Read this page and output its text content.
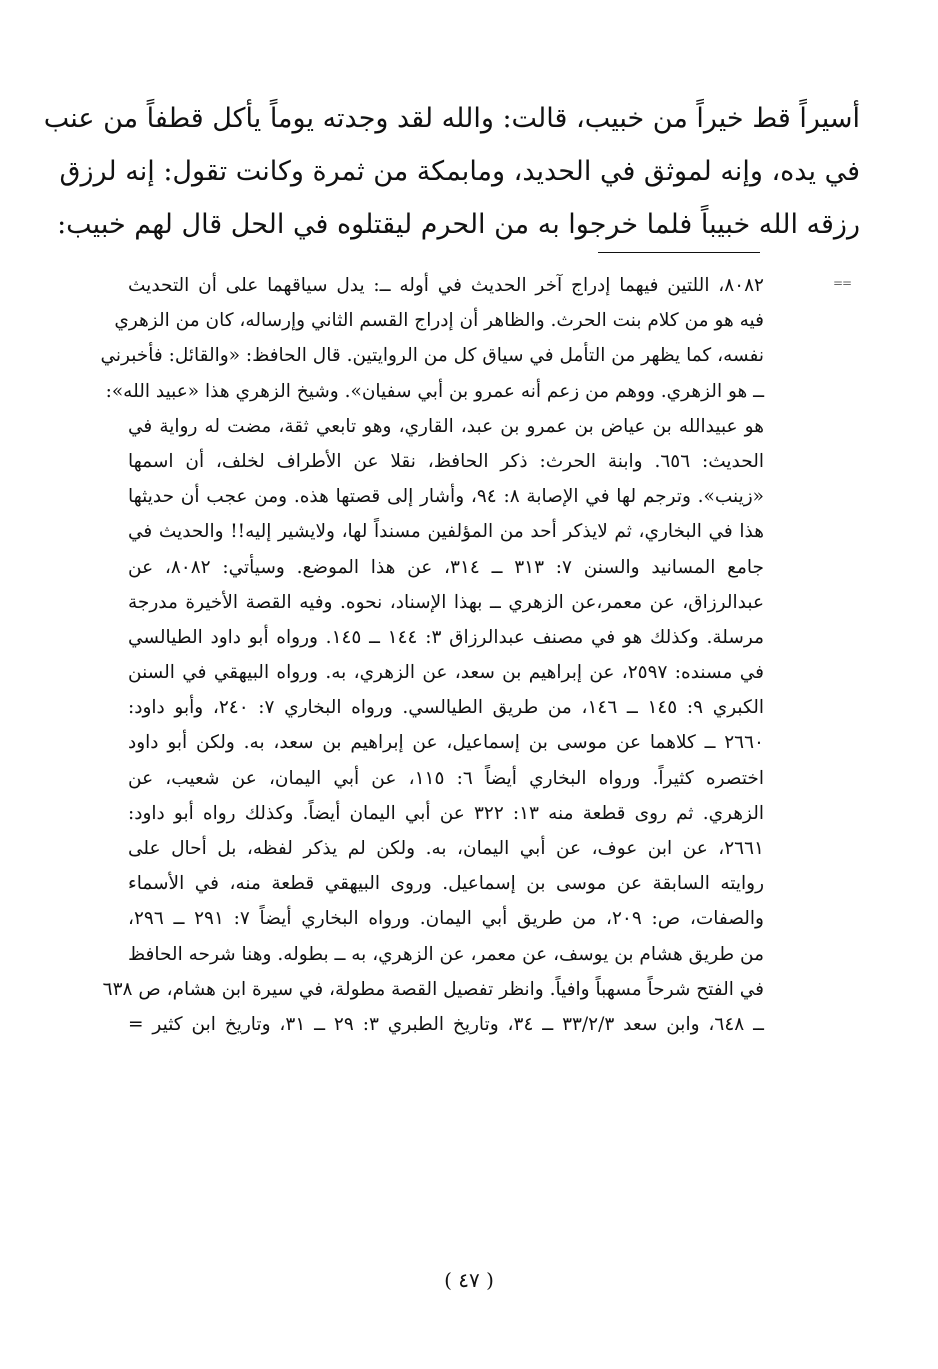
أسيراً قط خيراً من خبيب، قالت: والله لقد وجدته يوماً يأكل قطفاً من عنب
في يده، وإنه لموثق في الحديد، ومابمكة من ثمرة وكانت تقول: إنه لرزق
رزقه الله خبيباً فلما خرجوا به من الحرم ليقتلوه في الحل قال لهم خبيب:
==
٨٠٨٢، اللتين فيهما إدراج آخر الحديث في أوله ــ: يدل سياقهما على أن التحديث
فيه هو من كلام بنت الحرث. والظاهر أن إدراج القسم الثاني وإرساله، كان من الزهري
نفسه، كما يظهر من التأمل في سياق كل من الروايتين. قال الحافظ: «والقائل: فأخبرني
ــ هو الزهري. ووهم من زعم أنه عمرو بن أبي سفيان». وشيخ الزهري هذا «عبيد الله»:
هو عبيدالله بن عياض بن عمرو بن عبد، القاري، وهو تابعي ثقة، مضت له رواية في
الحديث: ٦٥٦. وابنة الحرث: ذكر الحافظ، نقلا عن الأطراف لخلف، أن اسمها
«زينب». وترجم لها في الإصابة ٨: ٩٤، وأشار إلى قصتها هذه. ومن عجب أن حديثها
هذا في البخاري، ثم لايذكر أحد من المؤلفين مسنداً لها، ولايشير إليه!! والحديث في
جامع المسانيد والسنن ٧: ٣١٣ ــ ٣١٤، عن هذا الموضع. وسيأتي: ٨٠٨٢، عن
عبدالرزاق، عن معمر،عن الزهري ــ بهذا الإسناد، نحوه. وفيه القصة الأخيرة مدرجة
مرسلة. وكذلك هو في مصنف عبدالرزاق ٣: ١٤٤ ــ ١٤٥. ورواه أبو داود الطيالسي
في مسنده: ٢٥٩٧، عن إبراهيم بن سعد، عن الزهري، به. ورواه البيهقي في السنن
الكبري ٩: ١٤٥ ــ ١٤٦، من طريق الطيالسي. ورواه البخاري ٧: ٢٤٠، وأبو داود:
٢٦٦٠ ــ كلاهما عن موسى بن إسماعيل، عن إبراهيم بن سعد، به. ولكن أبو داود
اختصره كثيراً. ورواه البخاري أيضاً ٦: ١١٥، عن أبي اليمان، عن شعيب، عن
الزهري. ثم روى قطعة منه ١٣: ٣٢٢ عن أبي اليمان أيضاً. وكذلك رواه أبو داود:
٢٦٦١، عن ابن عوف، عن أبي اليمان، به. ولكن لم يذكر لفظه، بل أحال على
روايته السابقة عن موسى بن إسماعيل. وروى البيهقي قطعة منه، في الأسماء
والصفات، ص: ٢٠٩، من طريق أبي اليمان. ورواه البخاري أيضاً ٧: ٢٩١ ــ ٢٩٦،
من طريق هشام بن يوسف، عن معمر، عن الزهري، به ــ بطوله. وهنا شرحه الحافظ
في الفتح شرحاً مسهباً وافياً. وانظر تفصيل القصة مطولة، في سيرة ابن هشام، ص ٦٣٨
ــ ٦٤٨، وابن سعد ٣٣/٢/٣ ــ ٣٤، وتاريخ الطبري ٣: ٢٩ ــ ٣١، وتاريخ ابن كثير =
( ٤٧ )
